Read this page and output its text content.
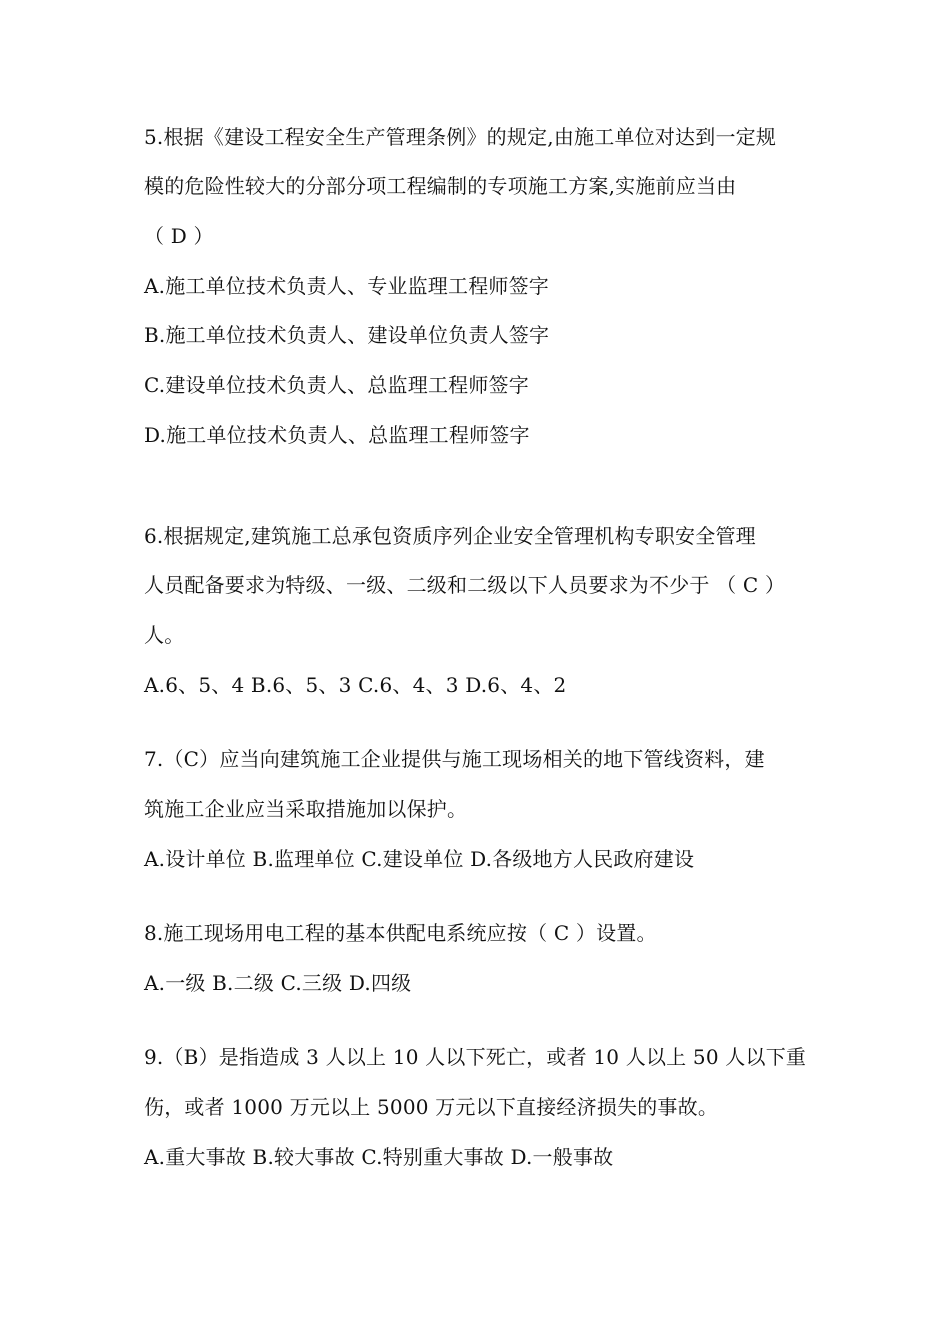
5.根据《建设工程安全生产管理条例》的规定,由施工单位对达到一定规
模的危险性较大的分部分项工程编制的专项施工方案,实施前应当由
（ D ）
A.施工单位技术负责人、专业监理工程师签字
B.施工单位技术负责人、建设单位负责人签字
C.建设单位技术负责人、总监理工程师签字
D.施工单位技术负责人、总监理工程师签字
6.根据规定,建筑施工总承包资质序列企业安全管理机构专职安全管理
人员配备要求为特级、一级、二级和二级以下人员要求为不少于 （ C ）
人。
A.6、5、4 B.6、5、3 C.6、4、3 D.6、4、2
7.（C）应当向建筑施工企业提供与施工现场相关的地下管线资料，建
筑施工企业应当采取措施加以保护。
A.设计单位 B.监理单位 C.建设单位 D.各级地方人民政府建设
8.施工现场用电工程的基本供配电系统应按（ C ）设置。
A.一级 B.二级 C.三级 D.四级
9.（B）是指造成 3 人以上 10 人以下死亡，或者 10 人以上 50 人以下重
伤，或者 1000 万元以上 5000 万元以下直接经济损失的事故。
A.重大事故 B.较大事故 C.特别重大事故 D.一般事故
